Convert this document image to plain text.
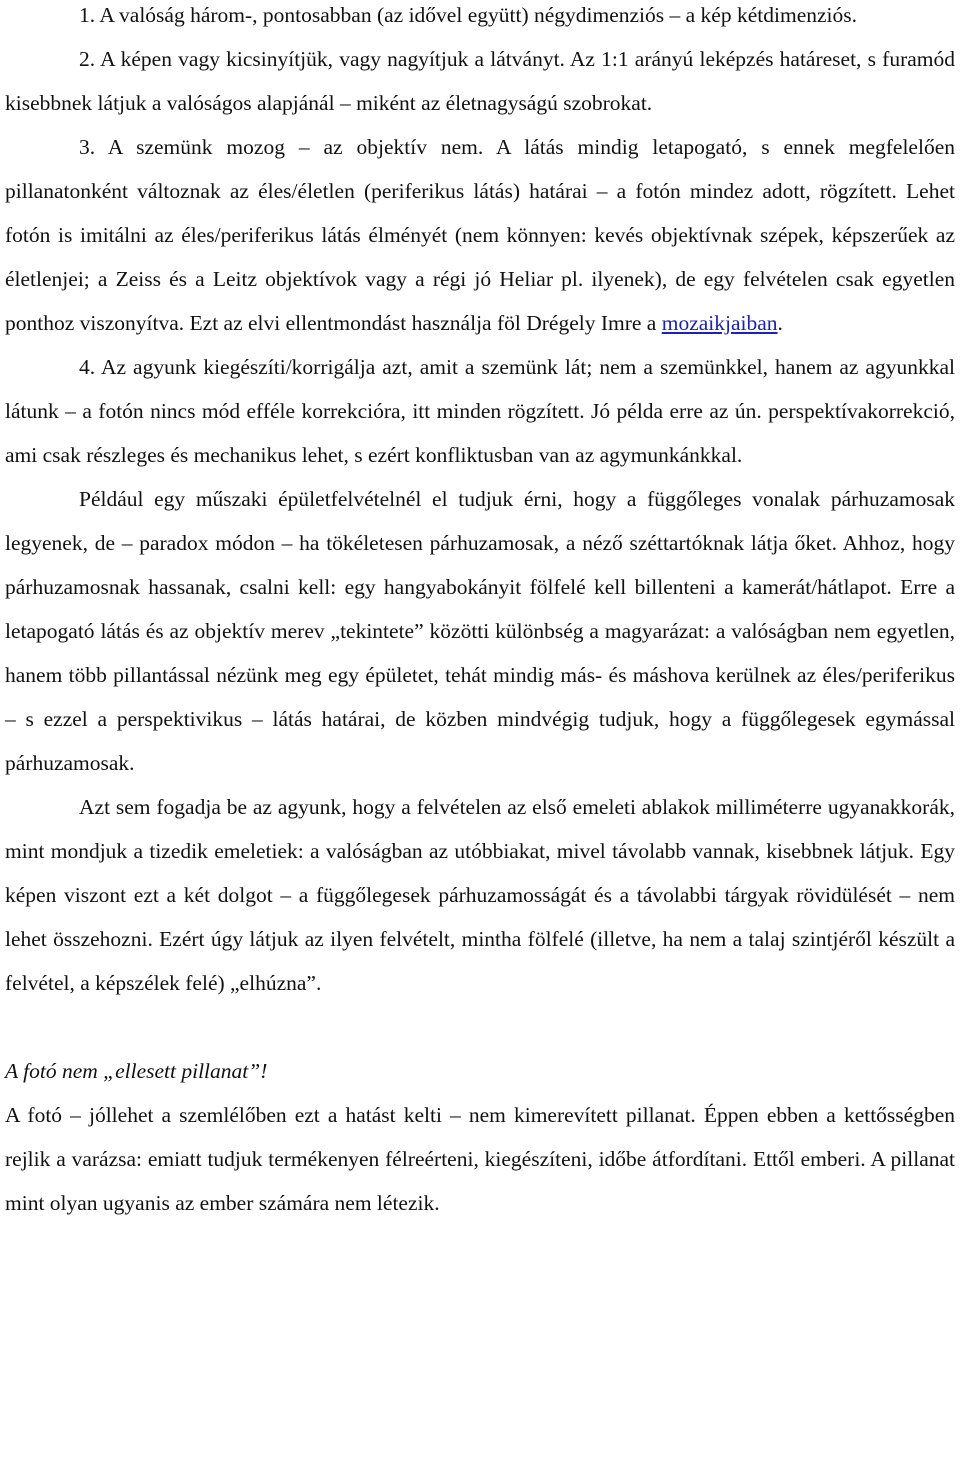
1. A valóság három-, pontosabban (az idővel együtt) négydimenziós – a kép kétdimenziós.

2. A képen vagy kicsinyítjük, vagy nagyítjuk a látványt. Az 1:1 arányú leképzés határeset, s furamód kisebbnek látjuk a valóságos alapjánál – miként az életnagyságú szobrokat.

3. A szemünk mozog – az objektív nem. A látás mindig letapogató, s ennek megfelelően pillanatonként változnak az éles/életlen (periferikus látás) határai – a fotón mindez adott, rögzített. Lehet fotón is imitálni az éles/periferikus látás élményét (nem könnyen: kevés objektívnak szépek, képszerűek az életlenjei; a Zeiss és a Leitz objektívok vagy a régi jó Heliar pl. ilyenek), de egy felvételen csak egyetlen ponthoz viszonyítva. Ezt az elvi ellentmondást használja föl Drégely Imre a mozaikjaiban.

4. Az agyunk kiegészíti/korrigálja azt, amit a szemünk lát; nem a szemünkkel, hanem az agyunkkal látunk – a fotón nincs mód efféle korrekcióra, itt minden rögzített. Jó példa erre az ún. perspektívakorrekció, ami csak részleges és mechanikus lehet, s ezért konfliktusban van az agymunkánkkal.

Például egy műszaki épületfelvételnél el tudjuk érni, hogy a függőleges vonalak párhuzamosak legyenek, de – paradox módon – ha tökéletesen párhuzamosak, a néző széttartóknak látja őket. Ahhoz, hogy párhuzamosnak hassanak, csalni kell: egy hangyabokányit fölfelé kell billenteni a kamerát/hátlapot. Erre a letapogató látás és az objektív merev „tekintete” közötti különbség a magyarázat: a valóságban nem egyetlen, hanem több pillantással nézünk meg egy épületet, tehát mindig más- és máshova kerülnek az éles/periferikus – s ezzel a perspektivikus – látás határai, de közben mindvégig tudjuk, hogy a függőlegesek egymással párhuzamosak.

Azt sem fogadja be az agyunk, hogy a felvételen az első emeleti ablakok milliméterre ugyanakkorák, mint mondjuk a tizedik emeletiek: a valóságban az utóbbiakat, mivel távolabb vannak, kisebbnek látjuk. Egy képen viszont ezt a két dolgot – a függőlegesek párhuzamosságát és a távolabbi tárgyak rövidülését – nem lehet összehozni. Ezért úgy látjuk az ilyen felvételt, mintha fölfelé (illetve, ha nem a talaj szintjéről készült a felvétel, a képszélek felé) „elhúzna”.

A fotó nem „ellesett pillanat”!

A fotó – jóllehet a szemlélőben ezt a hatást kelti – nem kimerevített pillanat. Éppen ebben a kettősségben rejlik a varázsa: emiatt tudjuk termékenyen félreérteni, kiegészíteni, időbe átfordítani. Ettől emberi. A pillanat mint olyan ugyanis az ember számára nem létezik.
